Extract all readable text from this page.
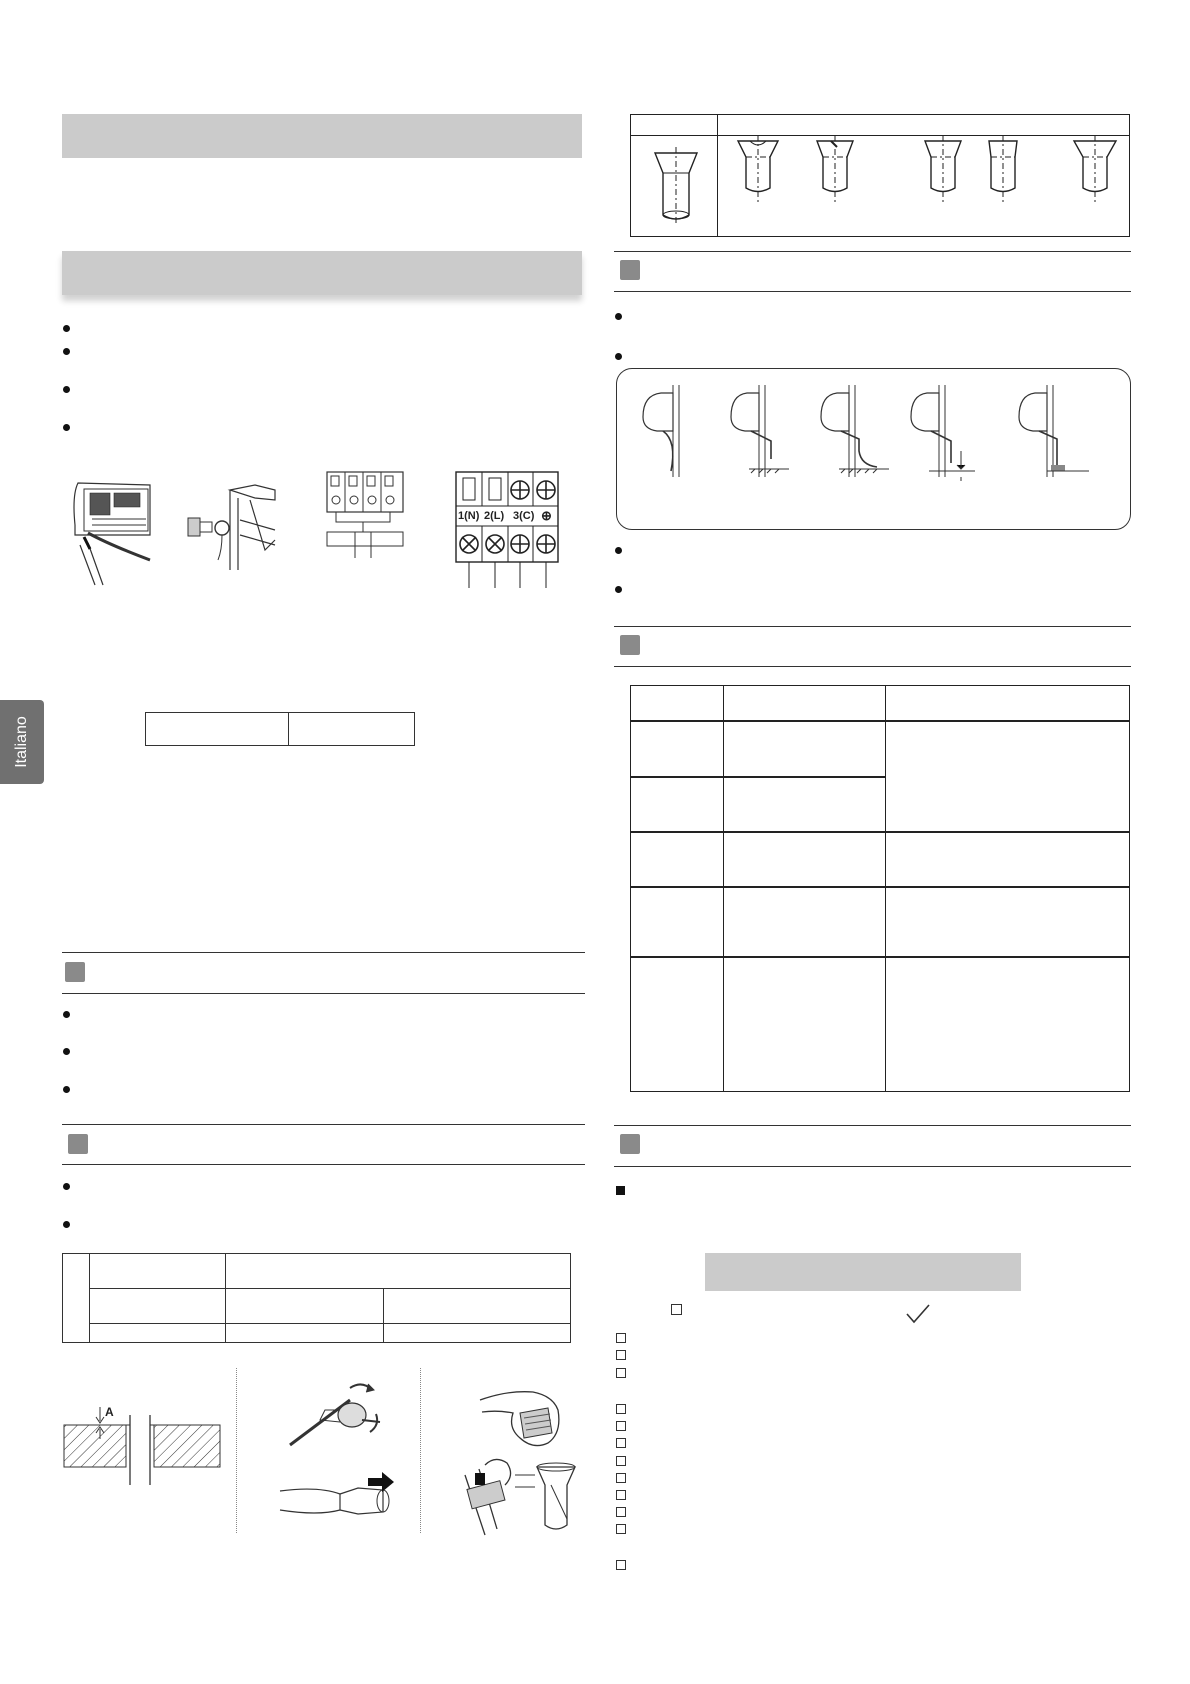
1(N) 2(L) 3(C) ⊕

Italiano

A
